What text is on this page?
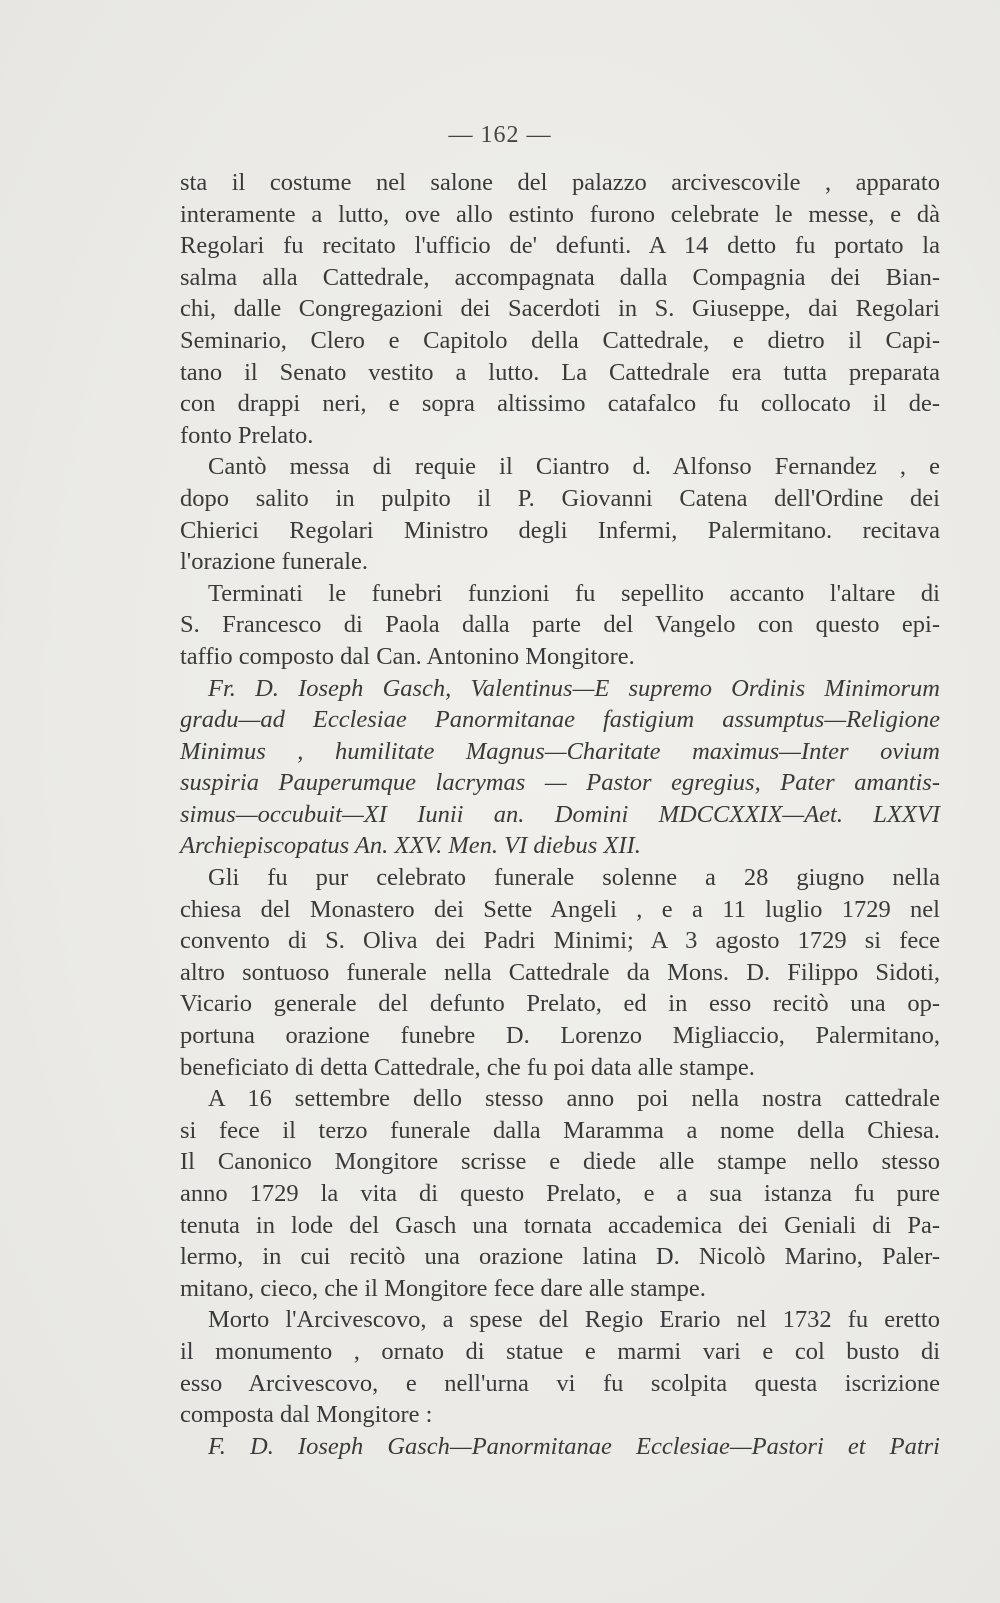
— 162 —
sta il costume nel salone del palazzo arcivescovile , apparato
interamente a lutto, ove allo estinto furono celebrate le messe, e dà
Regolari fu recitato l'ufficio de' defunti. A 14 detto fu portato la
salma alla Cattedrale, accompagnata dalla Compagnia dei Bian-
chi, dalle Congregazioni dei Sacerdoti in S. Giuseppe, dai Regolari
Seminario, Clero e Capitolo della Cattedrale, e dietro il Capi-
tano il Senato vestito a lutto. La Cattedrale era tutta preparata
con drappi neri, e sopra altissimo catafalco fu collocato il de-
fonto Prelato.
Cantò messa di requie il Ciantro d. Alfonso Fernandez , e
dopo salito in pulpito il P. Giovanni Catena dell'Ordine dei
Chierici Regolari Ministro degli Infermi, Palermitano. recitava
l'orazione funerale.
Terminati le funebri funzioni fu sepellito accanto l'altare di
S. Francesco di Paola dalla parte del Vangelo con questo epi-
taffio composto dal Can. Antonino Mongitore.
Fr. D. Ioseph Gasch, Valentinus—E supremo Ordinis Minimorum
gradu—ad Ecclesiae Panormitanae fastigium assumptus—Religione
Minimus , humilitate Magnus—Charitate maximus—Inter ovium
suspiria Pauperumque lacrymas — Pastor egregius, Pater amantis-
simus—occubuit—XI Iunii an. Domini MDCCXXIX—Aet. LXXVI
Archiepiscopatus An. XXV. Men. VI diebus XII.
Gli fu pur celebrato funerale solenne a 28 giugno nella
chiesa del Monastero dei Sette Angeli , e a 11 luglio 1729 nel
convento di S. Oliva dei Padri Minimi; A 3 agosto 1729 si fece
altro sontuoso funerale nella Cattedrale da Mons. D. Filippo Sidoti,
Vicario generale del defunto Prelato, ed in esso recitò una op-
portuna orazione funebre D. Lorenzo Migliaccio, Palermitano,
beneficiato di detta Cattedrale, che fu poi data alle stampe.
A 16 settembre dello stesso anno poi nella nostra cattedrale
si fece il terzo funerale dalla Maramma a nome della Chiesa.
Il Canonico Mongitore scrisse e diede alle stampe nello stesso
anno 1729 la vita di questo Prelato, e a sua istanza fu pure
tenuta in lode del Gasch una tornata accademica dei Geniali di Pa-
lermo, in cui recitò una orazione latina D. Nicolò Marino, Paler-
mitano, cieco, che il Mongitore fece dare alle stampe.
Morto l'Arcivescovo, a spese del Regio Erario nel 1732 fu eretto
il monumento , ornato di statue e marmi vari e col busto di
esso Arcivescovo, e nell'urna vi fu scolpita questa iscrizione
composta dal Mongitore :
F. D. Ioseph Gasch—Panormitanae Ecclesiae—Pastori et Patri
